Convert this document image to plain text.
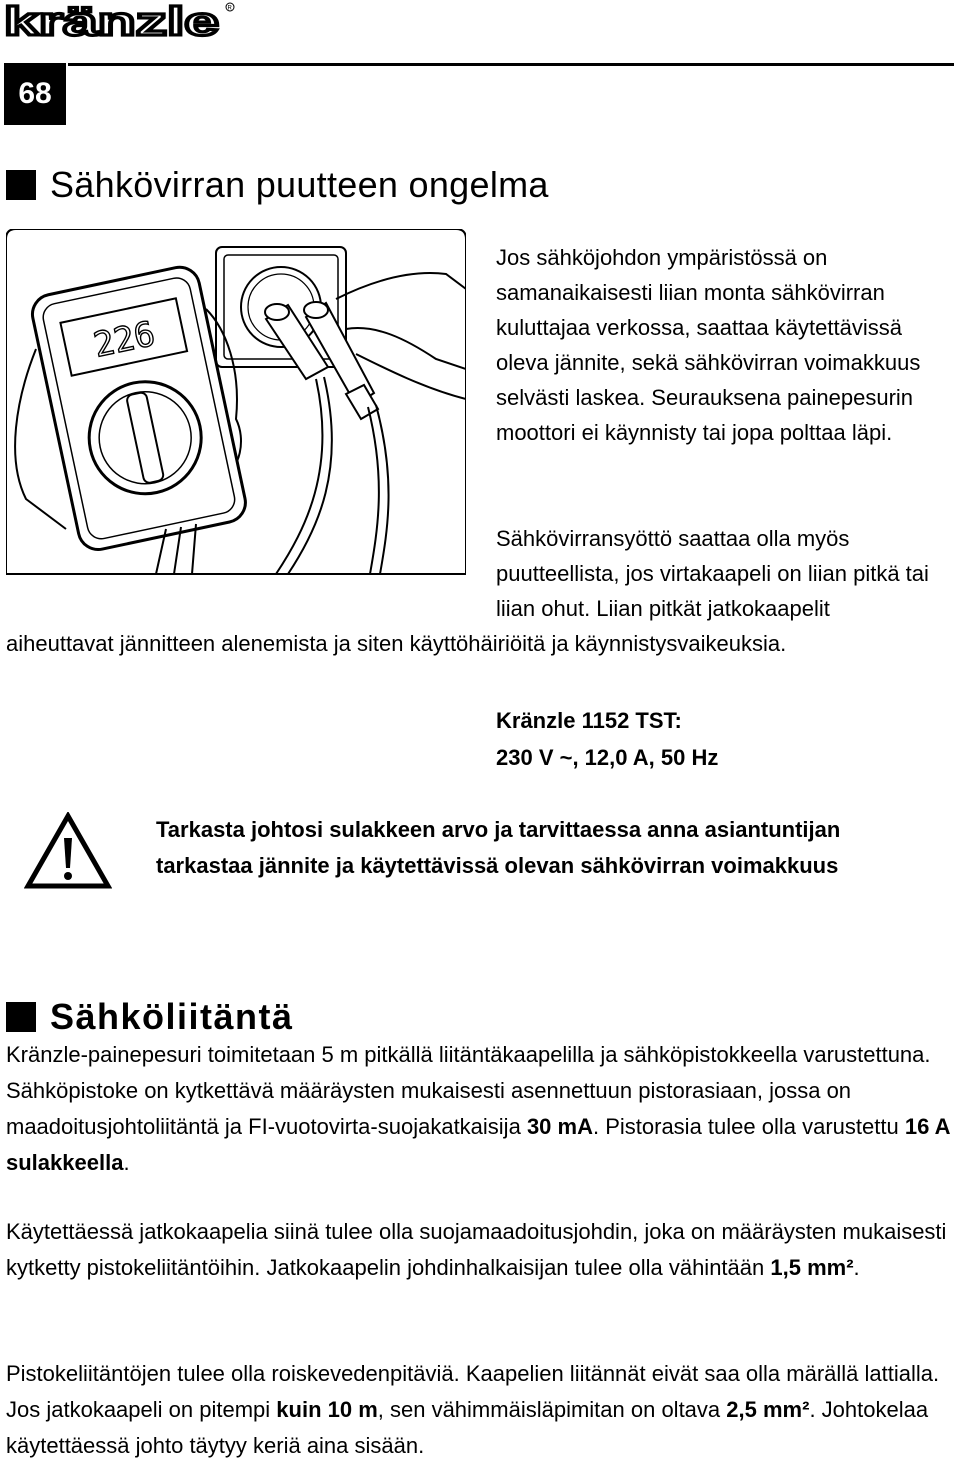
kränzle R
68
Sähkövirran puutteen ongelma
226
Jos sähköjohdon ympäristössä on samanaikaisesti liian monta sähkövirran kuluttajaa verkossa, saattaa käytettävissä oleva jännite, sekä sähkövirran voimakkuus selvästi laskea. Seurauksena painepesurin moottori ei käynnisty tai jopa polttaa läpi.
Sähkövirransyöttö saattaa olla myös puutteellista, jos virtakaapeli on liian pitkä tai liian ohut. Liian pitkät jatkokaapelit
aiheuttavat jännitteen alenemista ja siten käyttöhäiriöitä ja käynnistysvaikeuksia.
Kränzle 1152 TST:
230 V ~, 12,0 A, 50 Hz
Tarkasta johtosi sulakkeen arvo ja tarvittaessa anna asiantuntijan
tarkastaa jännite ja käytettävissä olevan sähkövirran voimakkuus
Sähköliitäntä
Kränzle-painepesuri toimitetaan 5 m pitkällä liitäntäkaapelilla ja sähköpistokkeella varustettuna. Sähköpistoke on kytkettävä määräysten mukaisesti asennettuun pistorasiaan, jossa on maadoitusjohtoliitäntä ja FI-vuotovirta-suojakatkaisija 30 mA. Pistorasia tulee olla varustettu 16 A sulakkeella.
Käytettäessä jatkokaapelia siinä tulee olla suojamaadoitusjohdin, joka on määräysten mukaisesti kytketty pistokeliitäntöihin. Jatkokaapelin johdinhalkaisijan tulee olla vähintään 1,5 mm².
Pistokeliitäntöjen tulee olla roiskevedenpitäviä. Kaapelien liitännät eivät saa olla märällä lattialla. Jos jatkokaapeli on pitempi kuin 10 m, sen vähimmäisläpimitan on oltava 2,5 mm². Johtokelaa käytettäessä johto täytyy keriä aina sisään.
